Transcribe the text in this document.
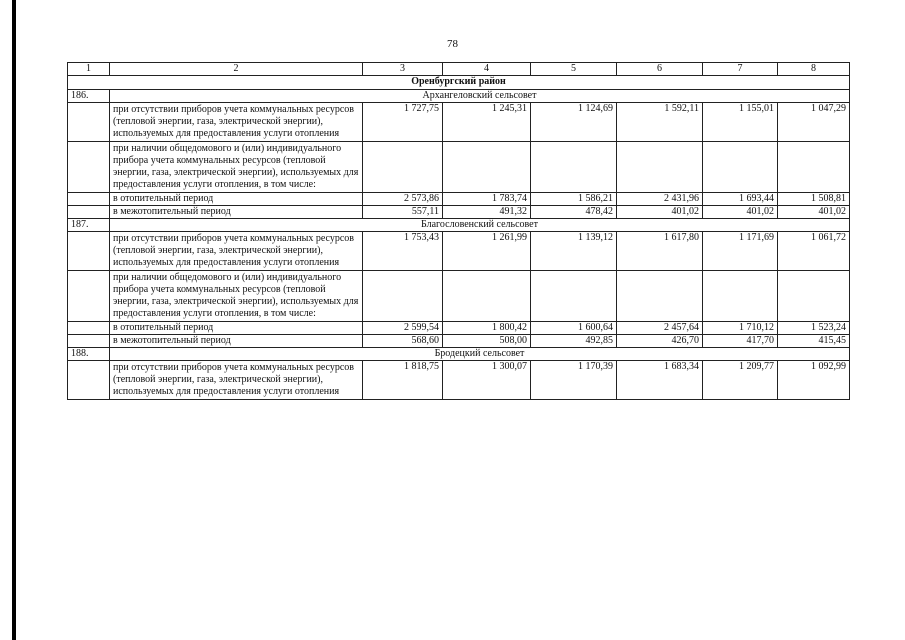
78
1	2	3	4	5	6	7	8
Оренбургский район							
186.	Архангеловский сельсовет						
	при отсутствии приборов учета коммунальных ресурсов (тепловой энергии, газа, электрической энергии), используемых для предоставления услуги отопления	1 727,75	1 245,31	1 124,69	1 592,11	1 155,01	1 047,29
	при наличии общедомового и (или) индивидуального прибора учета коммунальных ресурсов (тепловой энергии, газа, электрической энергии), используемых для предоставления услуги отопления, в том числе:						
	в отопительный период	2 573,86	1 783,74	1 586,21	2 431,96	1 693,44	1 508,81
	в межотопительный период	557,11	491,32	478,42	401,02	401,02	401,02
187.	Благословенский сельсовет						
	при отсутствии приборов учета коммунальных ресурсов (тепловой энергии, газа, электрической энергии), используемых для предоставления услуги отопления	1 753,43	1 261,99	1 139,12	1 617,80	1 171,69	1 061,72
	при наличии общедомового и (или) индивидуального прибора учета коммунальных ресурсов (тепловой энергии, газа, электрической энергии), используемых для предоставления услуги отопления, в том числе:						
	в отопительный период	2 599,54	1 800,42	1 600,64	2 457,64	1 710,12	1 523,24
	в межотопительный период	568,60	508,00	492,85	426,70	417,70	415,45
188.	Бродецкий сельсовет						
	при отсутствии приборов учета коммунальных ресурсов (тепловой энергии, газа, электрической энергии), используемых для предоставления услуги отопления	1 818,75	1 300,07	1 170,39	1 683,34	1 209,77	1 092,99
